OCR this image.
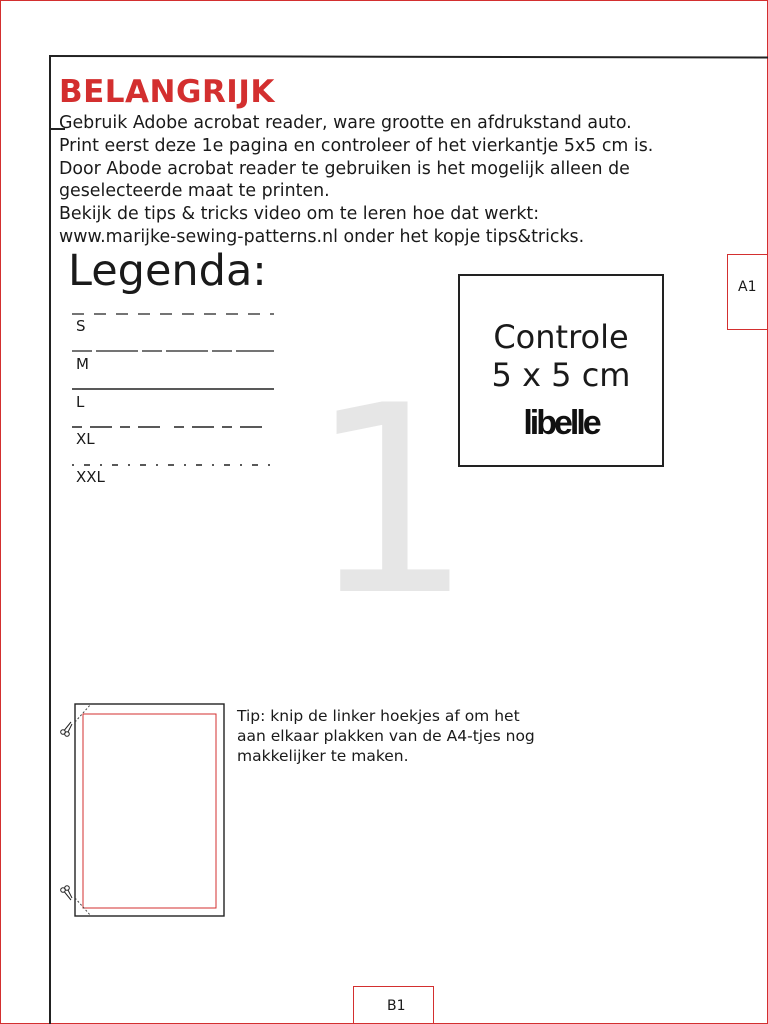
1
BELANGRIJK
Gebruik Adobe acrobat reader, ware grootte en afdrukstand auto.
Print eerst deze 1e pagina en controleer of het vierkantje 5x5 cm is.
Door Abode acrobat reader te gebruiken is het mogelijk alleen de
geselecteerde maat te printen.
Bekijk de tips & tricks video om te leren hoe dat werkt:
www.marijke-sewing-patterns.nl onder het kopje tips&tricks.
Legenda:
S
M
L
XL
XXL
Controle
5 x 5 cm
libelle
A1
Tip: knip de linker hoekjes af om het
aan elkaar plakken van de A4-tjes nog
makkelijker te maken.
B1
